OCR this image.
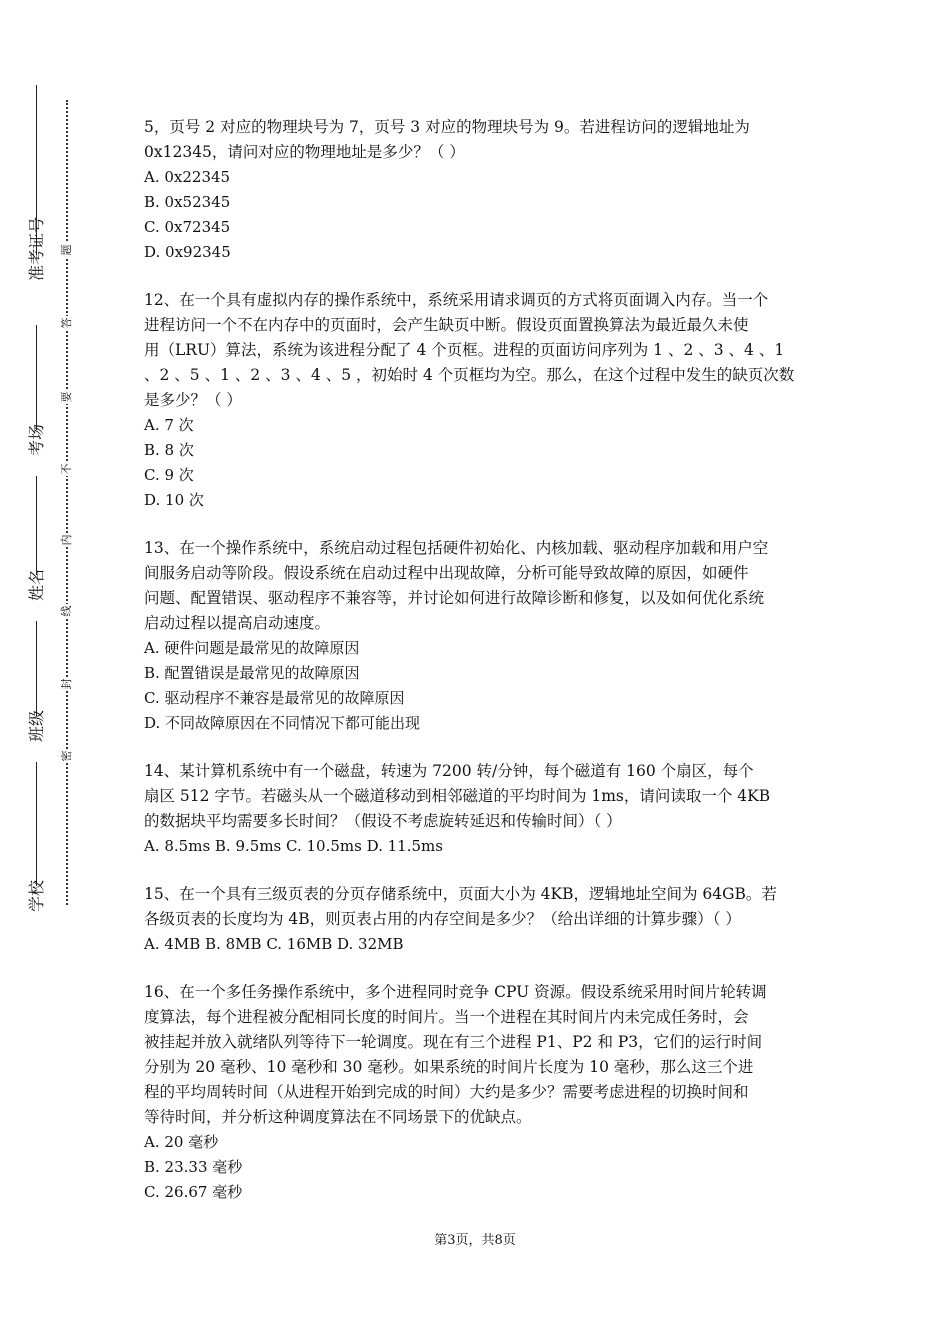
准考证号
考场
姓名
班级
学校
题
答
要
不
内
线
封
密
5，页号 2 对应的物理块号为 7，页号 3 对应的物理块号为 9。若进程访问的逻辑地址为
0x12345，请问对应的物理地址是多少？（ ）
A. 0x22345
B. 0x52345
C. 0x72345
D. 0x92345
12、在一个具有虚拟内存的操作系统中，系统采用请求调页的方式将页面调入内存。当一个
进程访问一个不在内存中的页面时，会产生缺页中断。假设页面置换算法为最近最久未使
用（LRU）算法，系统为该进程分配了 4 个页框。进程的页面访问序列为 1 、2 、3 、4 、1
、2 、5 、1 、2 、3 、4 、5 ，初始时 4 个页框均为空。那么，在这个过程中发生的缺页次数
是多少？（ ）
A. 7 次
B. 8 次
C. 9 次
D. 10 次
13、在一个操作系统中，系统启动过程包括硬件初始化、内核加载、驱动程序加载和用户空
间服务启动等阶段。假设系统在启动过程中出现故障，分析可能导致故障的原因，如硬件
问题、配置错误、驱动程序不兼容等，并讨论如何进行故障诊断和修复，以及如何优化系统
启动过程以提高启动速度。
A. 硬件问题是最常见的故障原因
B. 配置错误是最常见的故障原因
C. 驱动程序不兼容是最常见的故障原因
D. 不同故障原因在不同情况下都可能出现
14、某计算机系统中有一个磁盘，转速为 7200 转/分钟，每个磁道有 160 个扇区，每个
扇区 512 字节。若磁头从一个磁道移动到相邻磁道的平均时间为 1ms，请问读取一个 4KB
的数据块平均需要多长时间？（假设不考虑旋转延迟和传输时间）（ ）
A. 8.5ms B. 9.5ms C. 10.5ms D. 11.5ms
15、在一个具有三级页表的分页存储系统中，页面大小为 4KB，逻辑地址空间为 64GB。若
各级页表的长度均为 4B，则页表占用的内存空间是多少？（给出详细的计算步骤）（ ）
A. 4MB B. 8MB C. 16MB D. 32MB
16、在一个多任务操作系统中，多个进程同时竞争 CPU 资源。假设系统采用时间片轮转调
度算法，每个进程被分配相同长度的时间片。当一个进程在其时间片内未完成任务时，会
被挂起并放入就绪队列等待下一轮调度。现在有三个进程 P1、P2 和 P3，它们的运行时间
分别为 20 毫秒、10 毫秒和 30 毫秒。如果系统的时间片长度为 10 毫秒，那么这三个进
程的平均周转时间（从进程开始到完成的时间）大约是多少？需要考虑进程的切换时间和
等待时间，并分析这种调度算法在不同场景下的优缺点。
A. 20 毫秒
B. 23.33 毫秒
C. 26.67 毫秒
第3页，共8页
